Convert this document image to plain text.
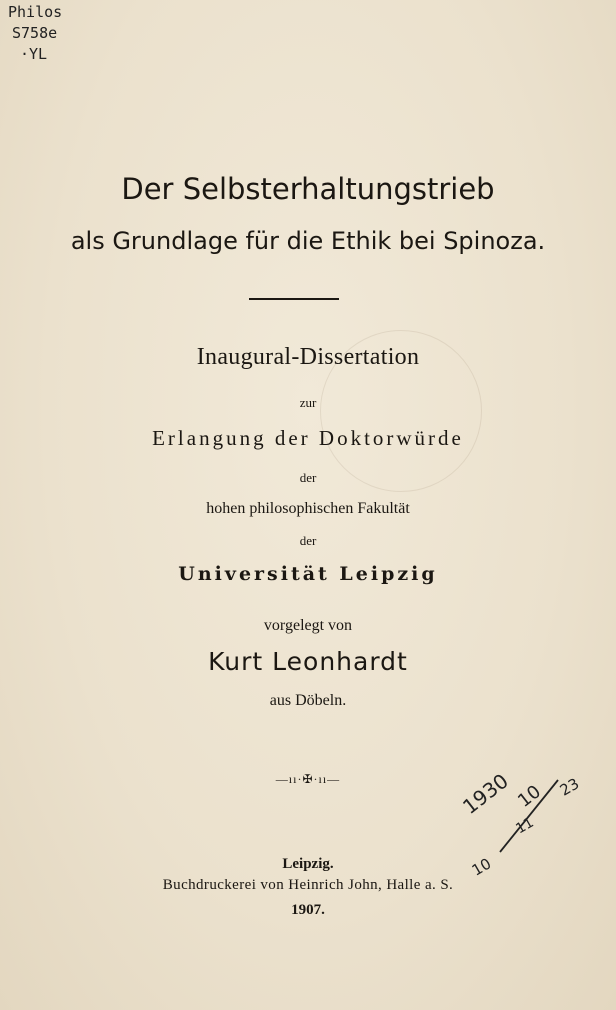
Philos
S758e
·YL
Der Selbsterhaltungstrieb
als Grundlage für die Ethik bei Spinoza.
Inaugural-Dissertation
zur
Erlangung der Doktorwürde
der
hohen philosophischen Fakultät
der
Universität Leipzig
vorgelegt von
Kurt Leonhardt
aus Döbeln.
—ıı·✠·ıı—
Leipzig.
Buchdruckerei von Heinrich John, Halle a. S.
1907.
1930 10 23
11
10
